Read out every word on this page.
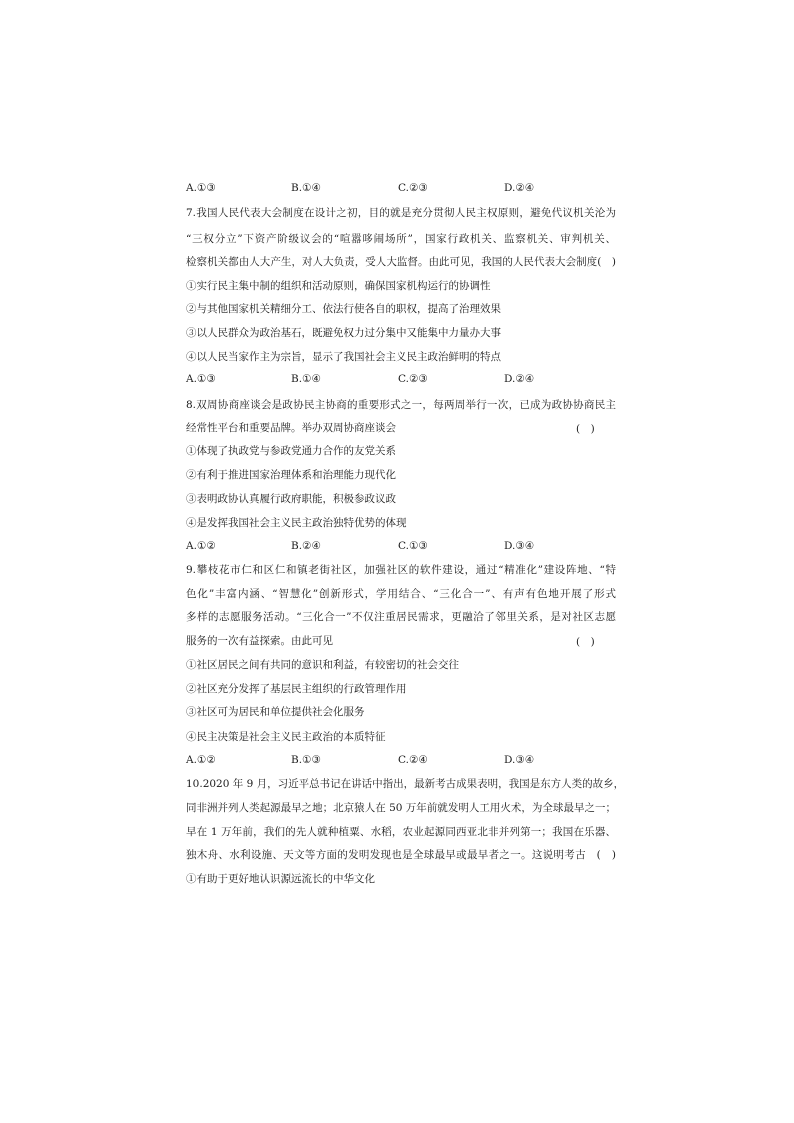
A.①③	B.①④	C.②③	D.②④
7.我国人民代表大会制度在设计之初，目的就是充分贯彻人民主权原则，避免代议机关沦为
“三权分立”下资产阶级议会的“喧嚣哆闹场所”，国家行政机关、监察机关、审判机关、
检察机关都由人大产生，对人大负责，受人大监督。由此可见，我国的人民代表大会制度(　)
①实行民主集中制的组织和活动原则，确保国家机构运行的协调性
②与其他国家机关精细分工、依法行使各自的职权，提高了治理效果
③以人民群众为政治基石，既避免权力过分集中又能集中力量办大事
④以人民当家作主为宗旨，显示了我国社会主义民主政治鲜明的特点
A.①③	B.①④	C.②③	D.②④
8.双周协商座谈会是政协民主协商的重要形式之一，每两周举行一次，已成为政协协商民主
经常性平台和重要品牌。举办双周协商座谈会	(　)
①体现了执政党与参政党通力合作的友党关系
②有利于推进国家治理体系和治理能力现代化
③表明政协认真履行政府职能，积极参政议政
④是发挥我国社会主义民主政治独特优势的体现
A.①②	B.②④	C.①③	D.③④
9.攀枝花市仁和区仁和镇老街社区，加强社区的软件建设，通过“精准化”建设阵地、“特
色化”丰富内涵、“智慧化”创新形式，学用结合、“三化合一”、有声有色地开展了形式
多样的志愿服务活动。“三化合一”不仅注重居民需求，更融洽了邻里关系，是对社区志愿
服务的一次有益探索。由此可见	(　)
①社区居民之间有共同的意识和利益，有较密切的社会交往
②社区充分发挥了基层民主组织的行政管理作用
③社区可为居民和单位提供社会化服务
④民主决策是社会主义民主政治的本质特征
A.①②	B.①③	C.②④	D.③④
10.2020 年 9 月，习近平总书记在讲话中指出，最新考古成果表明，我国是东方人类的故乡，
同非洲并列人类起源最早之地；北京猿人在 50 万年前就发明人工用火术，为全球最早之一；
早在 1 万年前，我们的先人就种植粟、水稻，农业起源同西亚北非并列第一；我国在乐器、
独木舟、水利设施、天文等方面的发明发现也是全球最早或最早者之一。这说明考古　(　)
①有助于更好地认识源远流长的中华文化
